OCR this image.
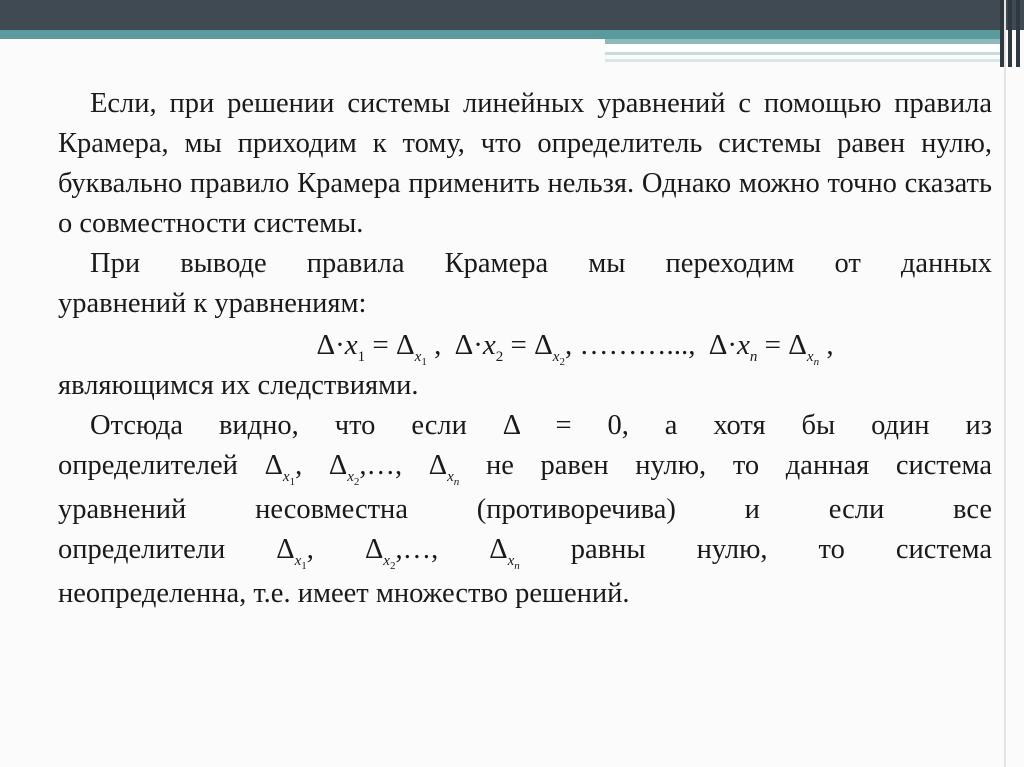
Если, при решении системы линейных уравнений с помощью правила Крамера, мы приходим к тому, что определитель системы равен нулю, буквально правило Крамера применить нельзя. Однако можно точно сказать о совместности системы.

При выводе правила Крамера мы переходим от данных

уравнений к уравнениям:

$\Delta\cdot x_1 = \Delta_{x_1}$ , $\Delta\cdot x_2 = \Delta_{x_2}$, ………..., $\Delta\cdot x_n = \Delta_{x_n}$ ,

являющимся их следствиями.

Отсюда видно, что если Δ = 0, а хотя бы один из

определителей $\Delta_{x_1}$, $\Delta_{x_2},\dots$, $\Delta_{x_n}$ не равен нулю, то данная система

уравнений несовместна (противоречива) и если все

определители $\Delta_{x_1}$, $\Delta_{x_2},\dots$, $\Delta_{x_n}$ равны нулю, то система

неопределенна, т.е. имеет множество решений.
